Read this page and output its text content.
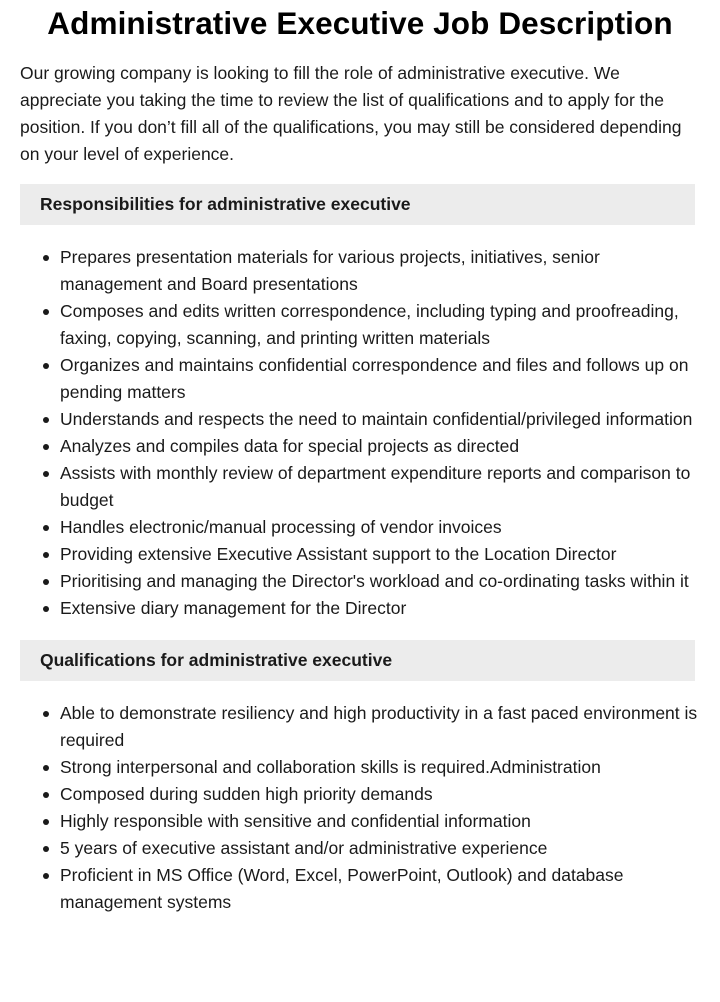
Administrative Executive Job Description

Our growing company is looking to fill the role of administrative executive. We appreciate you taking the time to review the list of qualifications and to apply for the position. If you don’t fill all of the qualifications, you may still be considered depending on your level of experience.

Responsibilities for administrative executive
Prepares presentation materials for various projects, initiatives, senior management and Board presentations
Composes and edits written correspondence, including typing and proofreading, faxing, copying, scanning, and printing written materials
Organizes and maintains confidential correspondence and files and follows up on pending matters
Understands and respects the need to maintain confidential/privileged information
Analyzes and compiles data for special projects as directed
Assists with monthly review of department expenditure reports and comparison to budget
Handles electronic/manual processing of vendor invoices
Providing extensive Executive Assistant support to the Location Director
Prioritising and managing the Director's workload and co-ordinating tasks within it
Extensive diary management for the Director
Qualifications for administrative executive
Able to demonstrate resiliency and high productivity in a fast paced environment is required
Strong interpersonal and collaboration skills is required.Administration
Composed during sudden high priority demands
Highly responsible with sensitive and confidential information
5 years of executive assistant and/or administrative experience
Proficient in MS Office (Word, Excel, PowerPoint, Outlook) and database management systems
